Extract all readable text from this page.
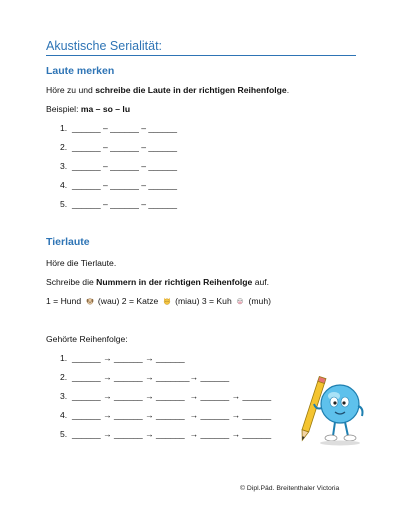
Akustische Serialität:
Laute merken
Höre zu und schreibe die Laute in der richtigen Reihenfolge.
Beispiel: ma – so – lu
1.  ______ – ______ – ______
2.  ______ – ______ – ______
3.  ______ – ______ – ______
4.  ______ – ______ – ______
5.  ______ – ______ – ______
Tierlaute
Höre die Tierlaute.
Schreibe die Nummern in der richtigen Reihenfolge auf.
1 = Hund (wau) 2 = Katze (miau) 3 = Kuh (muh)
Gehörte Reihenfolge:
1.  ______ → ______ → ______
2.  ______ → ______ → _______→ ______
3.  ______ → ______ → ______  → ______ → ______
4.  ______ → ______ → ______  → ______ → ______
5.  ______ → ______ → ______  → ______ → ______
© Dipl.Päd. Breitenthaler Victoria
